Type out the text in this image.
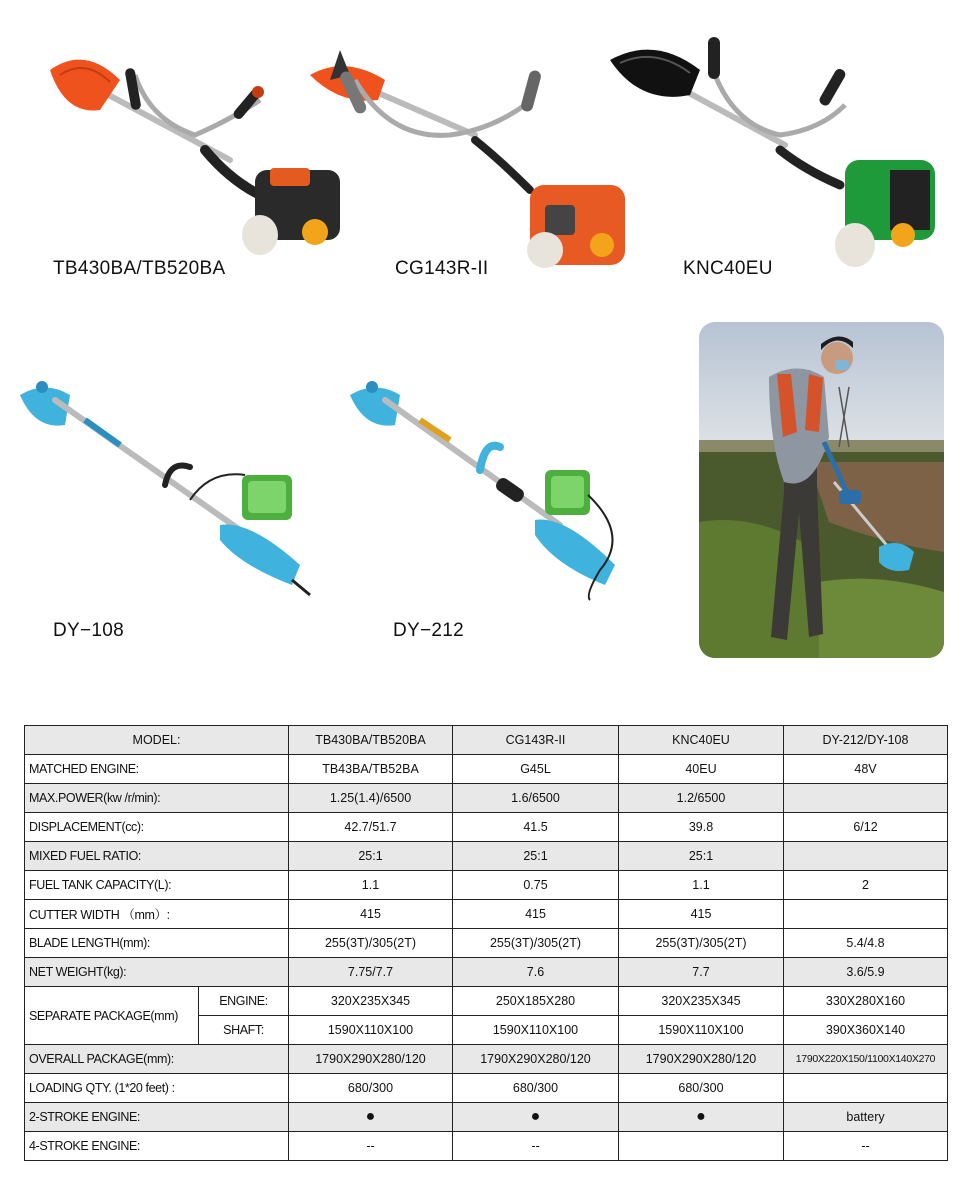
TB430BA/TB520BA	CG143R-II	KNC40EU
DY−108	DY−212
MODEL:		TB430BA/TB520BA	CG143R-II	KNC40EU	DY-212/DY-108
MATCHED ENGINE:		TB43BA/TB52BA	G45L	40EU	48V
MAX.POWER(kw /r/min):		1.25(1.4)/6500	1.6/6500	1.2/6500	
DISPLACEMENT(cc):		42.7/51.7	41.5	39.8	6/12
MIXED FUEL RATIO:		25:1	25:1	25:1	
FUEL TANK CAPACITY(L):		1.1	0.75	1.1	2
CUTTER WIDTH （mm）:		415	415	415	
BLADE LENGTH(mm):		255(3T)/305(2T)	255(3T)/305(2T)	255(3T)/305(2T)	5.4/4.8
NET WEIGHT(kg):		7.75/7.7	7.6	7.7	3.6/5.9
SEPARATE PACKAGE(mm)	ENGINE:	320X235X345	250X185X280	320X235X345	330X280X160
	SHAFT:	1590X110X100	1590X110X100	1590X110X100	390X360X140
OVERALL PACKAGE(mm):		1790X290X280/120	1790X290X280/120	1790X290X280/120	1790X220X150/1100X140X270
LOADING QTY. (1*20 feet) :		680/300	680/300	680/300	
2-STROKE ENGINE:		●	●	●	battery
4-STROKE ENGINE:		--	--		--
